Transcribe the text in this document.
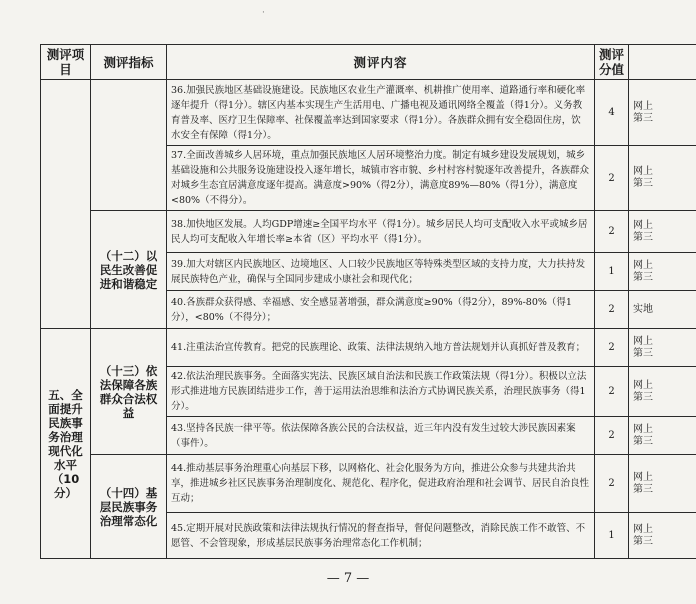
·
测评项目	测评指标	测评内容	测评分值	
		36.加强民族地区基础设施建设。民族地区农业生产灌溉率、机耕推广使用率、道路通行率和硬化率逐年提升（得1分）。辖区内基本实现生产生活用电、广播电视及通讯网络全覆盖（得1分）。义务教育普及率、医疗卫生保障率、社保覆盖率达到国家要求（得1分）。各族群众拥有安全稳固住房，饮水安全有保障（得1分）。	4	网上
第三
		37.全面改善城乡人居环境，重点加强民族地区人居环境整治力度。制定有城乡建设发展规划，城乡基础设施和公共服务设施建设投入逐年增长，城镇市容市貌、乡村村容村貌逐年改善提升，各族群众对城乡生态宜居满意度逐年提高。满意度>90%（得2分），满意度89%—80%（得1分），满意度<80%（不得分）。	2	网上
第三
	（十二）以民生改善促进和谐稳定	38.加快地区发展。人均GDP增速≥全国平均水平（得1分）。城乡居民人均可支配收入水平或城乡居民人均可支配收入年增长率≥本省（区）平均水平（得1分）。	2	网上
第三
		39.加大对辖区内民族地区、边境地区、人口较少民族地区等特殊类型区域的支持力度，大力扶持发展民族特色产业，确保与全国同步建成小康社会和现代化；	1	网上
第三
		40.各族群众获得感、幸福感、安全感显著增强，群众满意度≥90%（得2分），89%-80%（得1分），<80%（不得分）；	2	实地
五、全面提升民族事务治理现代化水平（10分）	（十三）依法保障各族群众合法权益	41.注重法治宣传教育。把党的民族理论、政策、法律法规纳入地方普法规划并认真抓好普及教育；	2	网上
第三
		42.依法治理民族事务。全面落实宪法、民族区域自治法和民族工作政策法规（得1分）。积极以立法形式推进地方民族团结进步工作，善于运用法治思维和法治方式协调民族关系，治理民族事务（得1分）。	2	网上
第三
		43.坚持各民族一律平等。依法保障各族公民的合法权益，近三年内没有发生过较大涉民族因素案（事件）。	2	网上
第三
	（十四）基层民族事务治理常态化	44.推动基层事务治理重心向基层下移，以网格化、社会化服务为方向，推进公众参与共建共治共享，推进城乡社区民族事务治理制度化、规范化、程序化，促进政府治理和社会调节、居民自治良性互动；	2	网上
第三
		45.定期开展对民族政策和法律法规执行情况的督查指导，督促问题整改，消除民族工作不敢管、不愿管、不会管现象，形成基层民族事务治理常态化工作机制；	1	网上
第三
— 7 —
